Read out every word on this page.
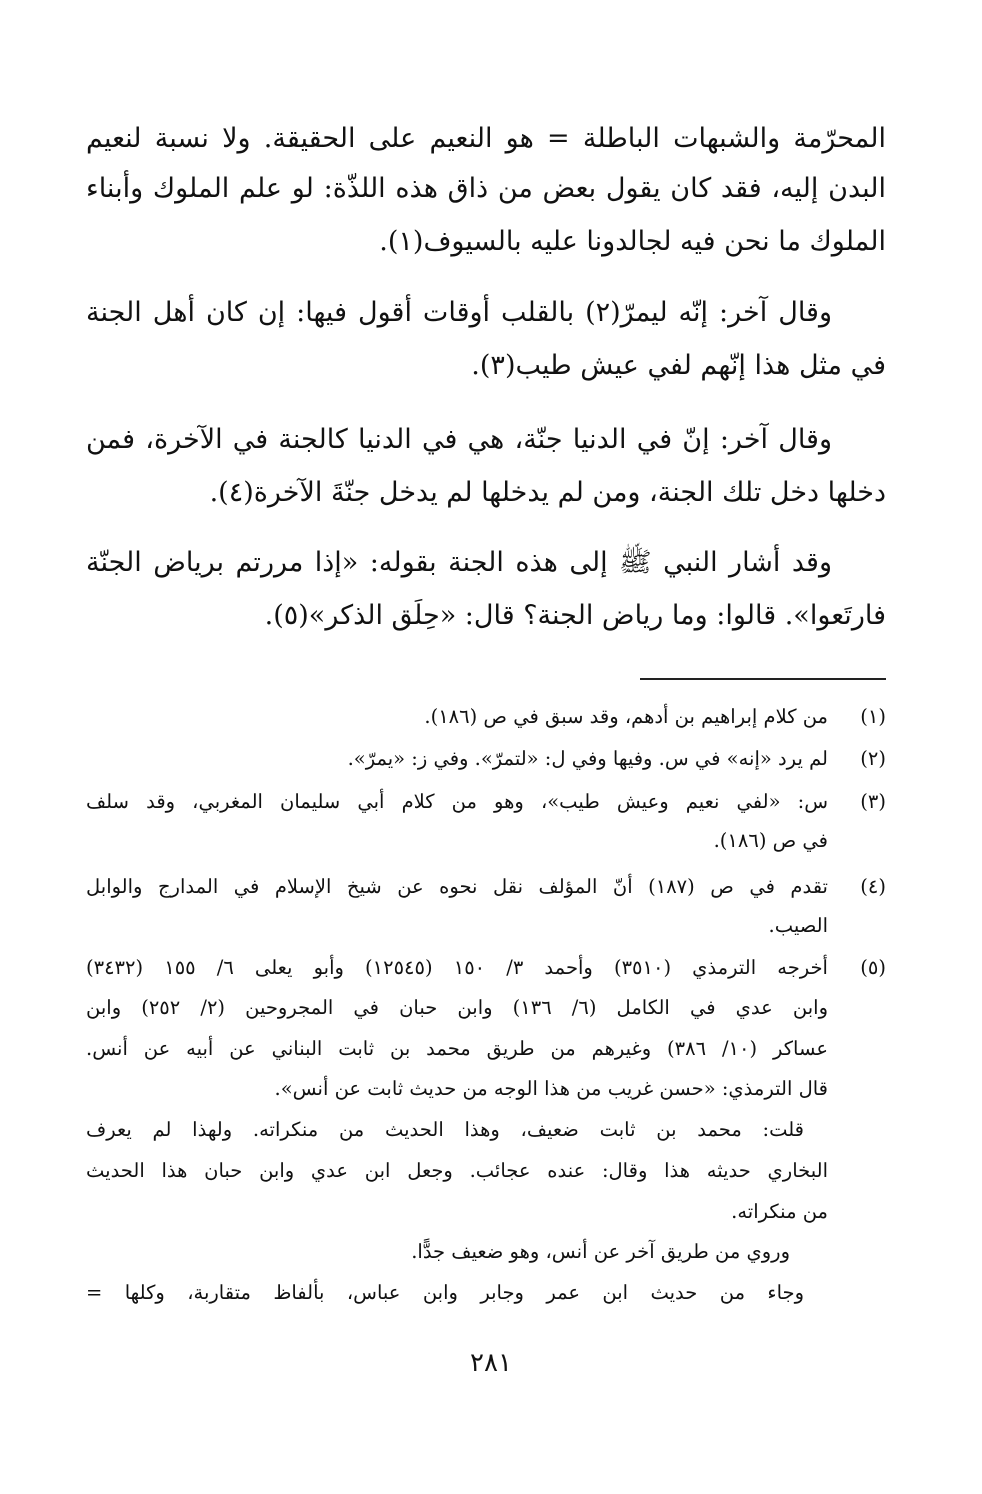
المحرّمة والشبهات الباطلة = هو النعيم على الحقيقة. ولا نسبة لنعيم
البدن إليه، فقد كان يقول بعض من ذاق هذه اللذّة: لو علم الملوك وأبناء
الملوك ما نحن فيه لجالدونا عليه بالسيوف(١).
وقال آخر: إنّه ليمرّ(٢) بالقلب أوقات أقول فيها: إن كان أهل الجنة
في مثل هذا إنّهم لفي عيش طيب(٣).
وقال آخر: إنّ في الدنيا جنّة، هي في الدنيا كالجنة في الآخرة، فمن
دخلها دخل تلك الجنة، ومن لم يدخلها لم يدخل جنّةَ الآخرة(٤).
وقد أشار النبي ﷺ إلى هذه الجنة بقوله: «إذا مررتم برياض الجنّة
فارتَعوا». قالوا: وما رياض الجنة؟ قال: «حِلَق الذكر»(٥).
(١)
من كلام إبراهيم بن أدهم، وقد سبق في ص (١٨٦).
(٢)
لم يرد «إنه» في س. وفيها وفي ل: «لتمرّ». وفي ز: «يمرّ».
(٣)
س: «لفي نعيم وعيش طيب»، وهو من كلام أبي سليمان المغربي، وقد سلف
في ص (١٨٦).
(٤)
تقدم في ص (١٨٧) أنّ المؤلف نقل نحوه عن شيخ الإسلام في المدارج والوابل
الصيب.
(٥)
أخرجه الترمذي (٣٥١٠) وأحمد ٣/ ١٥٠ (١٢٥٤٥) وأبو يعلى ٦/ ١٥٥ (٣٤٣٢)
وابن عدي في الكامل (٦/ ١٣٦) وابن حبان في المجروحين (٢/ ٢٥٢) وابن
عساكر (١٠/ ٣٨٦) وغيرهم من طريق محمد بن ثابت البناني عن أبيه عن أنس.
قال الترمذي: «حسن غريب من هذا الوجه من حديث ثابت عن أنس».
قلت: محمد بن ثابت ضعيف، وهذا الحديث من منكراته. ولهذا لم يعرف
البخاري حديثه هذا وقال: عنده عجائب. وجعل ابن عدي وابن حبان هذا الحديث
من منكراته.
وروي من طريق آخر عن أنس، وهو ضعيف جدًّا.
وجاء من حديث ابن عمر وجابر وابن عباس، بألفاظ متقاربة، وكلها =
٢٨١
